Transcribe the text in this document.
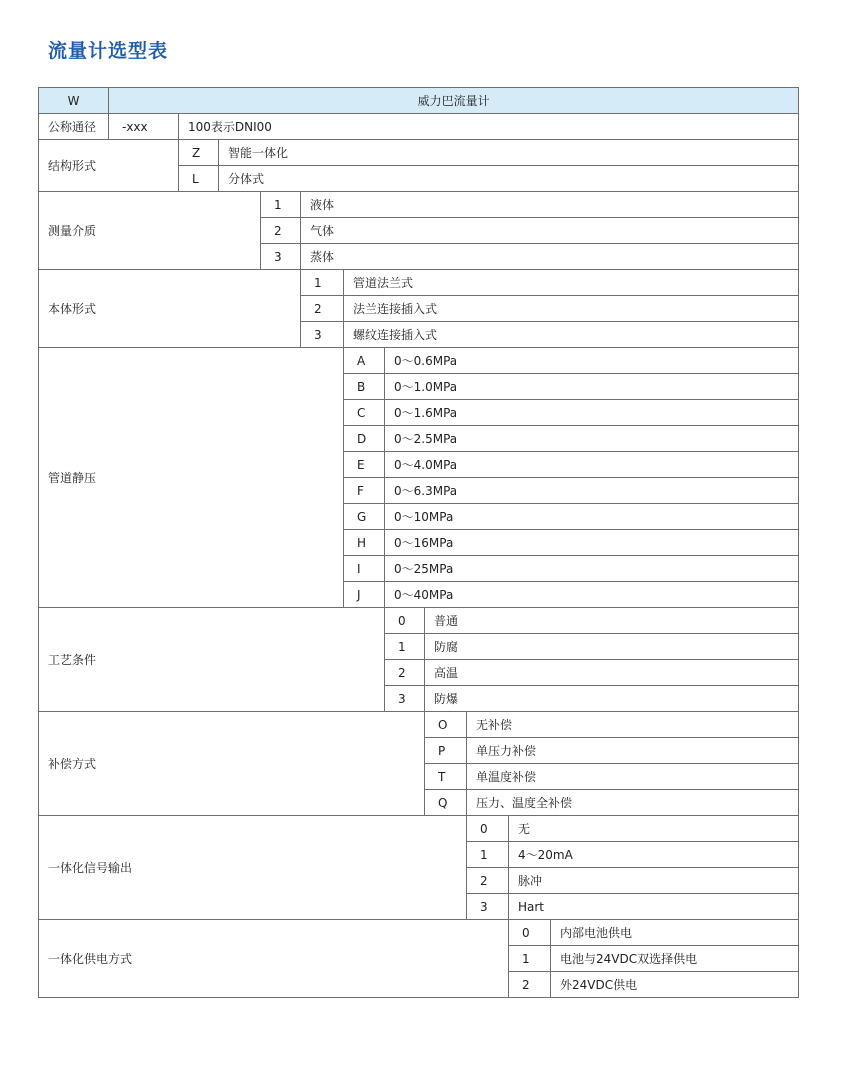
流量计选型表
W	威力巴流量计										
公称通径	-xxx	100表示DNI00									
结构形式		Z	智能一体化								
		L	分体式								
测量介质				1	液体						
				2	气体						
				3	蒸体						
本体形式					1	管道法兰式					
					2	法兰连接插入式					
					3	螺纹连接插入式					
管道静压						A	0～0.6MPa				
						B	0～1.0MPa				
						C	0～1.6MPa				
						D	0～2.5MPa				
						E	0～4.0MPa				
						F	0～6.3MPa				
						G	0～10MPa				
						H	0～16MPa				
						I	0～25MPa				
						J	0～40MPa				
工艺条件							0	普通			
							1	防腐			
							2	高温			
							3	防爆			
补偿方式								O	无补偿		
								P	单压力补偿		
								T	单温度补偿		
								Q	压力、温度全补偿		
一体化信号输出									0	无	
									1	4～20mA	
									2	脉冲	
									3	Hart	
一体化供电方式										0	内部电池供电
										1	电池与24VDC双选择供电
										2	外24VDC供电
